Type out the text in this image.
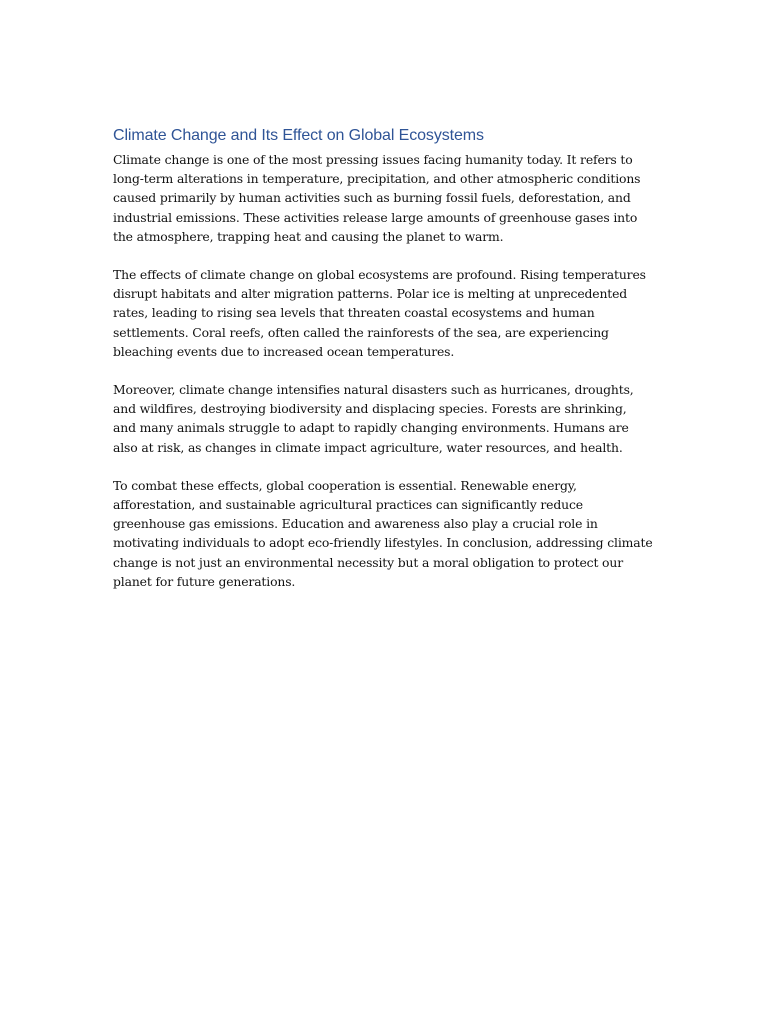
Climate Change and Its Effect on Global Ecosystems

Climate change is one of the most pressing issues facing humanity today. It refers to long-term alterations in temperature, precipitation, and other atmospheric conditions caused primarily by human activities such as burning fossil fuels, deforestation, and industrial emissions. These activities release large amounts of greenhouse gases into the atmosphere, trapping heat and causing the planet to warm.

The effects of climate change on global ecosystems are profound. Rising temperatures disrupt habitats and alter migration patterns. Polar ice is melting at unprecedented rates, leading to rising sea levels that threaten coastal ecosystems and human settlements. Coral reefs, often called the rainforests of the sea, are experiencing bleaching events due to increased ocean temperatures.

Moreover, climate change intensifies natural disasters such as hurricanes, droughts, and wildfires, destroying biodiversity and displacing species. Forests are shrinking, and many animals struggle to adapt to rapidly changing environments. Humans are also at risk, as changes in climate impact agriculture, water resources, and health.

To combat these effects, global cooperation is essential. Renewable energy, afforestation, and sustainable agricultural practices can significantly reduce greenhouse gas emissions. Education and awareness also play a crucial role in motivating individuals to adopt eco-friendly lifestyles. In conclusion, addressing climate change is not just an environmental necessity but a moral obligation to protect our planet for future generations.
